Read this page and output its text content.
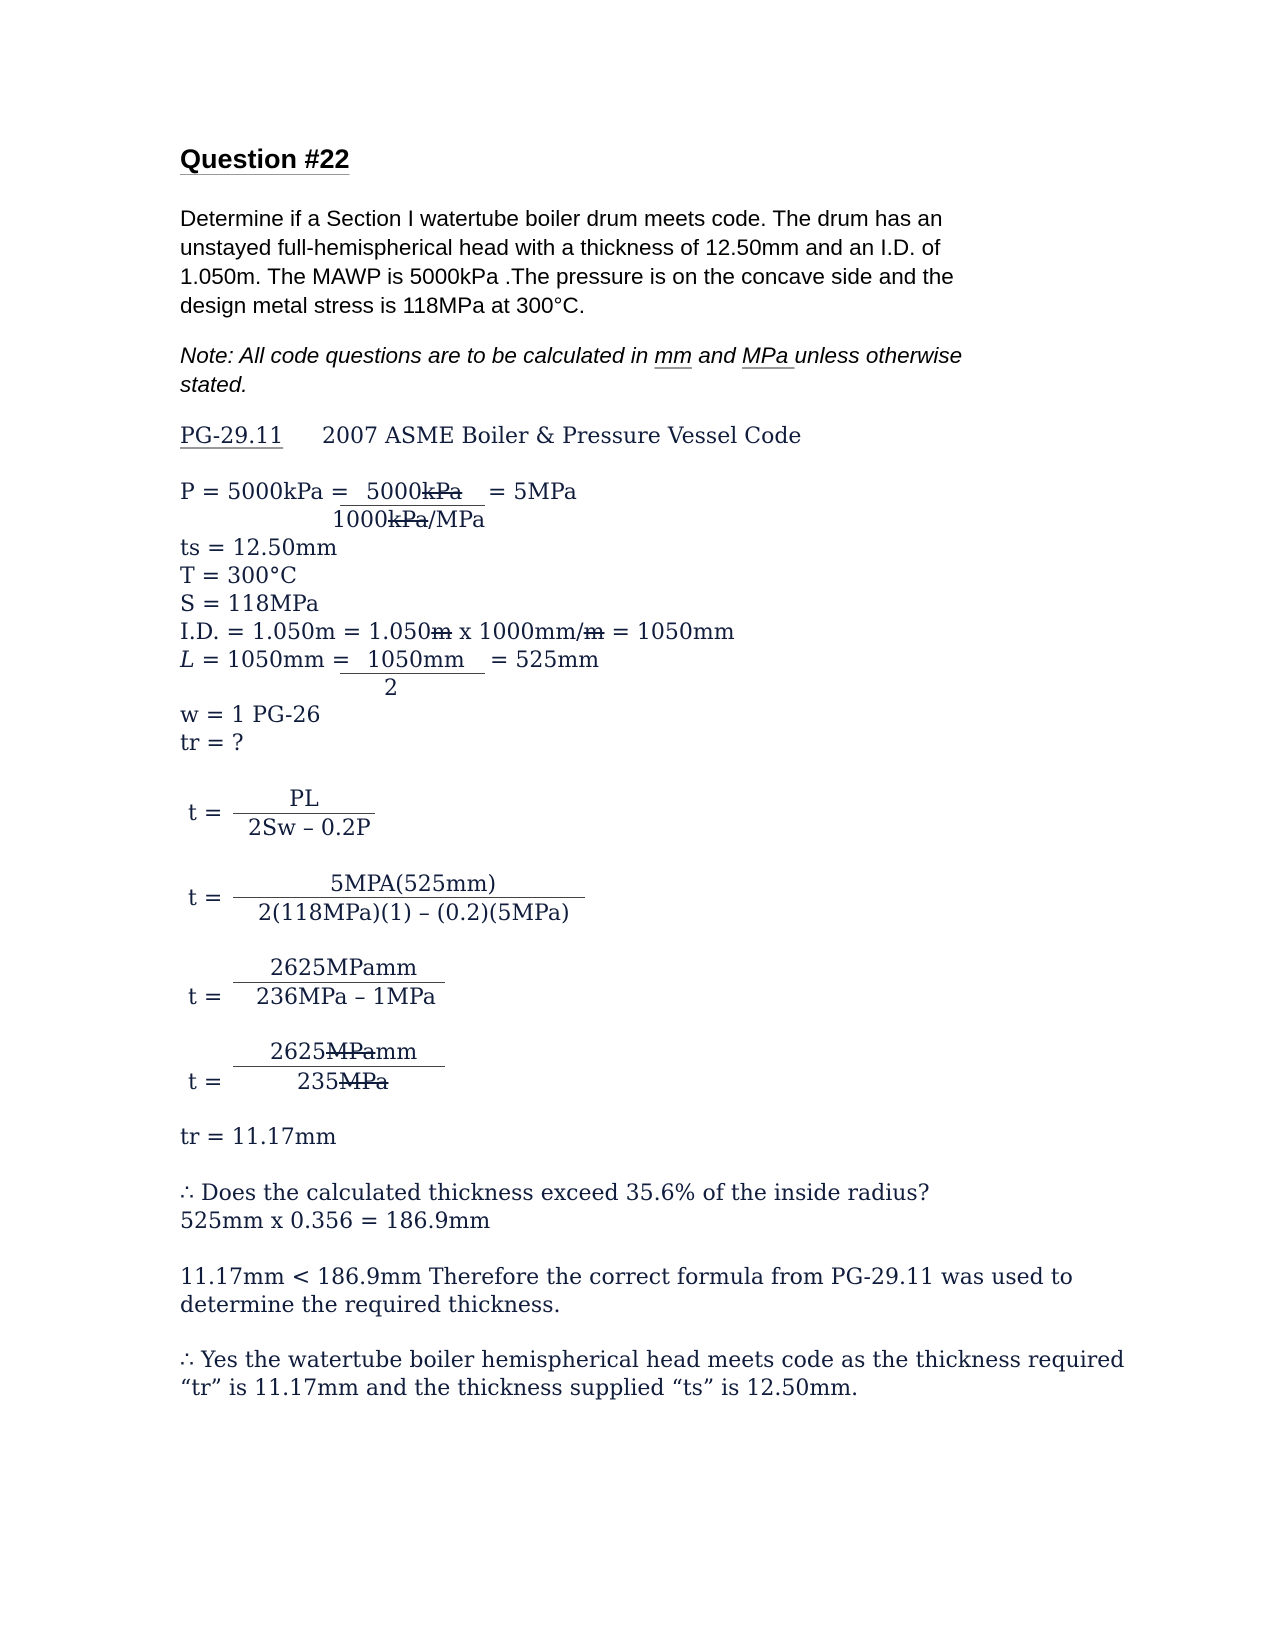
Question #22
Determine if a Section I watertube boiler drum meets code. The drum has an
unstayed full-hemispherical head with a thickness of 12.50mm and an I.D. of
1.050m. The MAWP is 5000kPa .The pressure is on the concave side and the
design metal stress is 118MPa at 300°C.
Note: All code questions are to be calculated in mm and MPa unless otherwise
stated.
PG-29.11 2007 ASME Boiler & Pressure Vessel Code
P = 5000kPa = 5000kPa
1000kPa/MPa
= 5MPa
ts = 12.50mm
T = 300°C
S = 118MPa
I.D. = 1.050m = 1.050m x 1000mm/m = 1050mm
L = 1050mm = 1050mm
2
= 525mm
w = 1 PG-26
tr = ?
t =
PL
2Sw – 0.2P
t =
5MPA(525mm)
2(118MPa)(1) – (0.2)(5MPa)
2625MPamm
t = 236MPa – 1MPa
2625MPamm
t =	235MPa
tr = 11.17mm
∴ Does the calculated thickness exceed 35.6% of the inside radius?
525mm x 0.356 = 186.9mm
11.17mm < 186.9mm Therefore the correct formula from PG-29.11 was used to
determine the required thickness.
∴ Yes the watertube boiler hemispherical head meets code as the thickness required
“tr” is 11.17mm and the thickness supplied “ts” is 12.50mm.
